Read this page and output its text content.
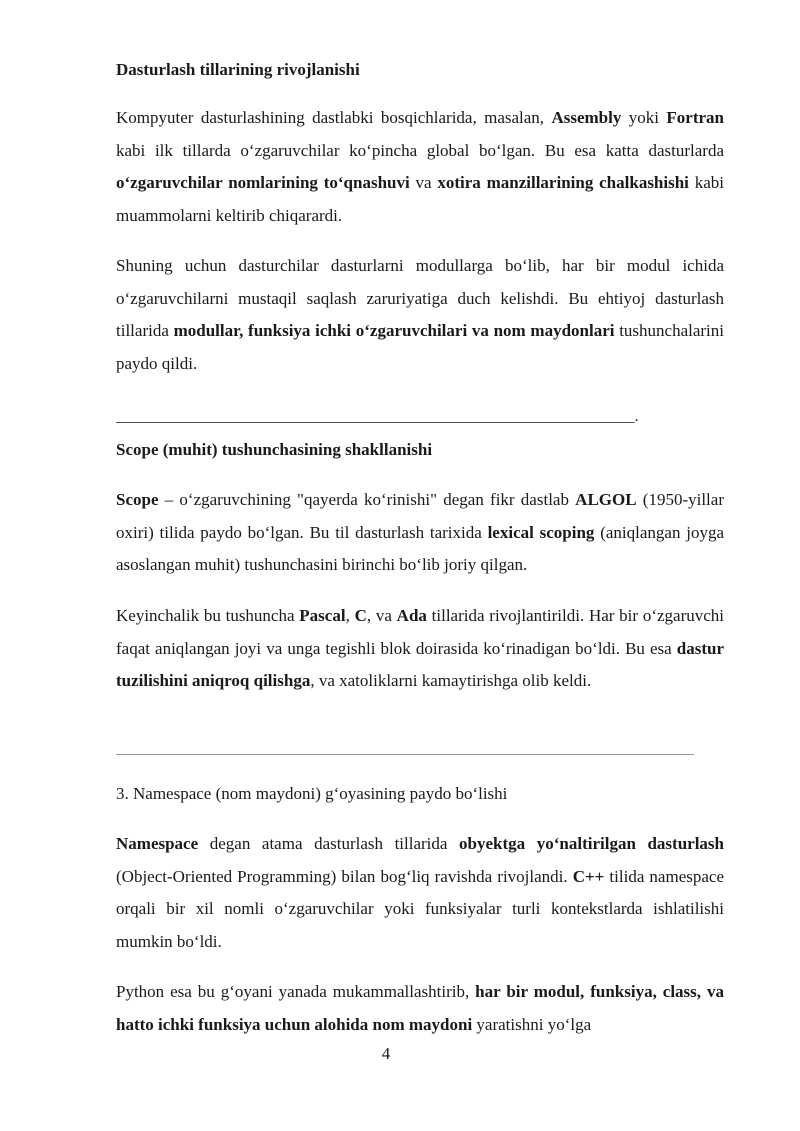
Dasturlash tillarining rivojlanishi
Kompyuter dasturlashining dastlabki bosqichlarida, masalan, Assembly yoki Fortran kabi ilk tillarda o‘zgaruvchilar ko‘pincha global bo‘lgan. Bu esa katta dasturlarda o‘zgaruvchilar nomlarining to‘qnashuvi va xotira manzillarining chalkashishi kabi muammolarni keltirib chiqarardi.
Shuning uchun dasturchilar dasturlarni modullarga bo‘lib, har bir modul ichida o‘zgaruvchilarni mustaqil saqlash zaruriyatiga duch kelishdi. Bu ehtiyoj dasturlash tillarida modullar, funksiya ichki o‘zgaruvchilari va nom maydonlari tushunchalarini paydo qildi.
_____________________________________________________________.
Scope (muhit) tushunchasining shakllanishi
Scope – o‘zgaruvchining "qayerda ko‘rinishi" degan fikr dastlab ALGOL (1950-yillar oxiri) tilida paydo bo‘lgan. Bu til dasturlash tarixida lexical scoping (aniqlangan joyga asoslangan muhit) tushunchasini birinchi bo‘lib joriy qilgan.
Keyinchalik bu tushuncha Pascal, C, va Ada tillarida rivojlantirildi. Har bir o‘zgaruvchi faqat aniqlangan joyi va unga tegishli blok doirasida ko‘rinadigan bo‘ldi. Bu esa dastur tuzilishini aniqroq qilishga, va xatoliklarni kamaytirishga olib keldi.
3. Namespace (nom maydoni) g‘oyasining paydo bo‘lishi
Namespace degan atama dasturlash tillarida obyektga yo‘naltirilgan dasturlash (Object-Oriented Programming) bilan bog‘liq ravishda rivojlandi. C++ tilida namespace orqali bir xil nomli o‘zgaruvchilar yoki funksiyalar turli kontekstlarda ishlatilishi mumkin bo‘ldi.
Python esa bu g‘oyani yanada mukammallashtirib, har bir modul, funksiya, class, va hatto ichki funksiya uchun alohida nom maydoni yaratishni yo‘lga
4
